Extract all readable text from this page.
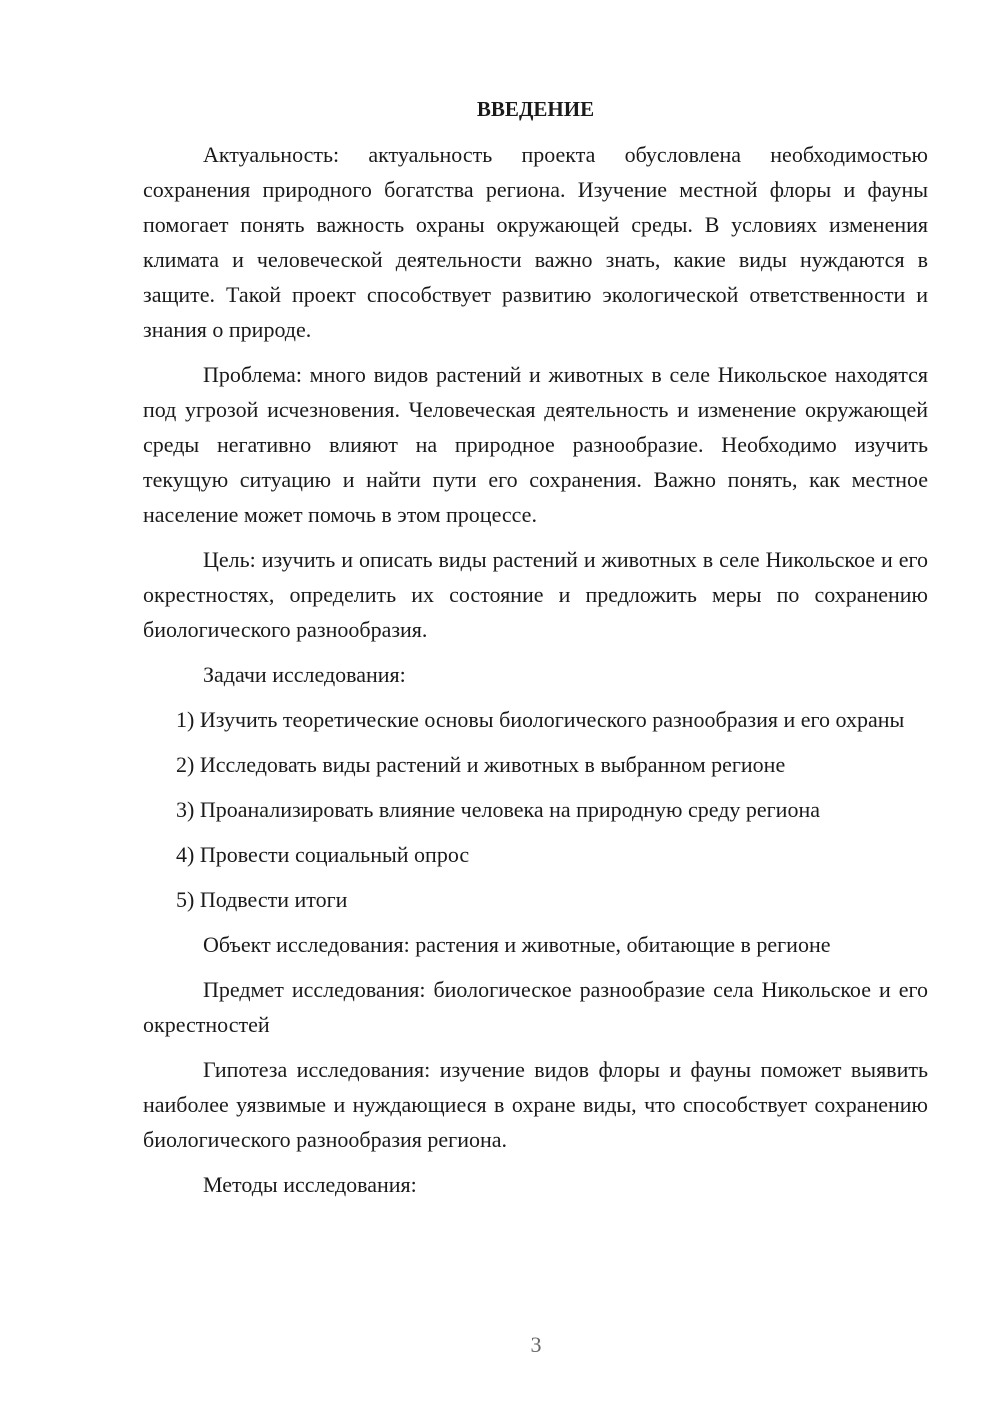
ВВЕДЕНИЕ

Актуальность: актуальность проекта обусловлена необходимостью сохранения природного богатства региона. Изучение местной флоры и фауны помогает понять важность охраны окружающей среды. В условиях изменения климата и человеческой деятельности важно знать, какие виды нуждаются в защите. Такой проект способствует развитию экологической ответственности и знания о природе.

Проблема: много видов растений и животных в селе Никольское находятся под угрозой исчезновения. Человеческая деятельность и изменение окружающей среды негативно влияют на природное разнообразие. Необходимо изучить текущую ситуацию и найти пути его сохранения. Важно понять, как местное население может помочь в этом процессе.

Цель: изучить и описать виды растений и животных в селе Никольское и его окрестностях, определить их состояние и предложить меры по сохранению биологического разнообразия.

Задачи исследования:

1) Изучить теоретические основы биологического разнообразия и его охраны

2) Исследовать виды растений и животных в выбранном регионе

3) Проанализировать влияние человека на природную среду региона

4) Провести социальный опрос

5) Подвести итоги

Объект исследования: растения и животные, обитающие в регионе

Предмет исследования: биологическое разнообразие села Никольское и его окрестностей

Гипотеза исследования: изучение видов флоры и фауны поможет выявить наиболее уязвимые и нуждающиеся в охране виды, что способствует сохранению биологического разнообразия региона.

Методы исследования:

3
